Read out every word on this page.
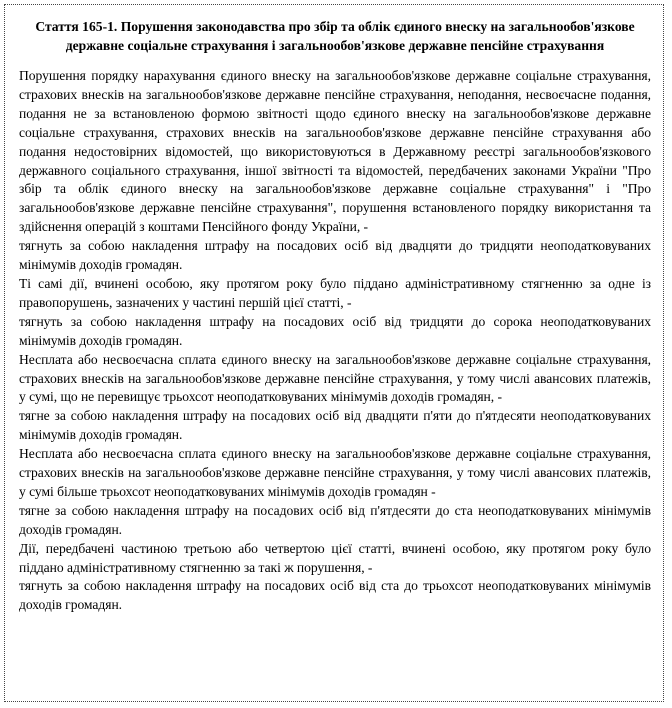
Стаття 165-1. Порушення законодавства про збір та облік єдиного внеску на загальнообов'язкове державне соціальне страхування і загальнообов'язкове державне пенсійне страхування

Порушення порядку нарахування єдиного внеску на загальнообов'язкове державне соціальне страхування, страхових внесків на загальнообов'язкове державне пенсійне страхування, неподання, несвоєчасне подання, подання не за встановленою формою звітності щодо єдиного внеску на загальнообов'язкове державне соціальне страхування, страхових внесків на загальнообов'язкове державне пенсійне страхування або подання недостовірних відомостей, що використовуються в Державному реєстрі загальнообов'язкового державного соціального страхування, іншої звітності та відомостей, передбачених законами України "Про збір та облік єдиного внеску на загальнообов'язкове державне соціальне страхування" і "Про загальнообов'язкове державне пенсійне страхування", порушення встановленого порядку використання та здійснення операцій з коштами Пенсійного фонду України, -

тягнуть за собою накладення штрафу на посадових осіб від двадцяти до тридцяти неоподатковуваних мінімумів доходів громадян.

Ті самі дії, вчинені особою, яку протягом року було піддано адміністративному стягненню за одне із правопорушень, зазначених у частині першій цієї статті, -

тягнуть за собою накладення штрафу на посадових осіб від тридцяти до сорока неоподатковуваних мінімумів доходів громадян.

Несплата або несвоєчасна сплата єдиного внеску на загальнообов'язкове державне соціальне страхування, страхових внесків на загальнообов'язкове державне пенсійне страхування, у тому числі авансових платежів, у сумі, що не перевищує трьохсот неоподатковуваних мінімумів доходів громадян, -

тягне за собою накладення штрафу на посадових осіб від двадцяти п'яти до п'ятдесяти неоподатковуваних мінімумів доходів громадян.

Несплата або несвоєчасна сплата єдиного внеску на загальнообов'язкове державне соціальне страхування, страхових внесків на загальнообов'язкове державне пенсійне страхування, у тому числі авансових платежів, у сумі більше трьохсот неоподатковуваних мінімумів доходів громадян -

тягне за собою накладення штрафу на посадових осіб від п'ятдесяти до ста неоподатковуваних мінімумів доходів громадян.

Дії, передбачені частиною третьою або четвертою цієї статті, вчинені особою, яку протягом року було піддано адміністративному стягненню за такі ж порушення, -

тягнуть за собою накладення штрафу на посадових осіб від ста до трьохсот неоподатковуваних мінімумів доходів громадян.
